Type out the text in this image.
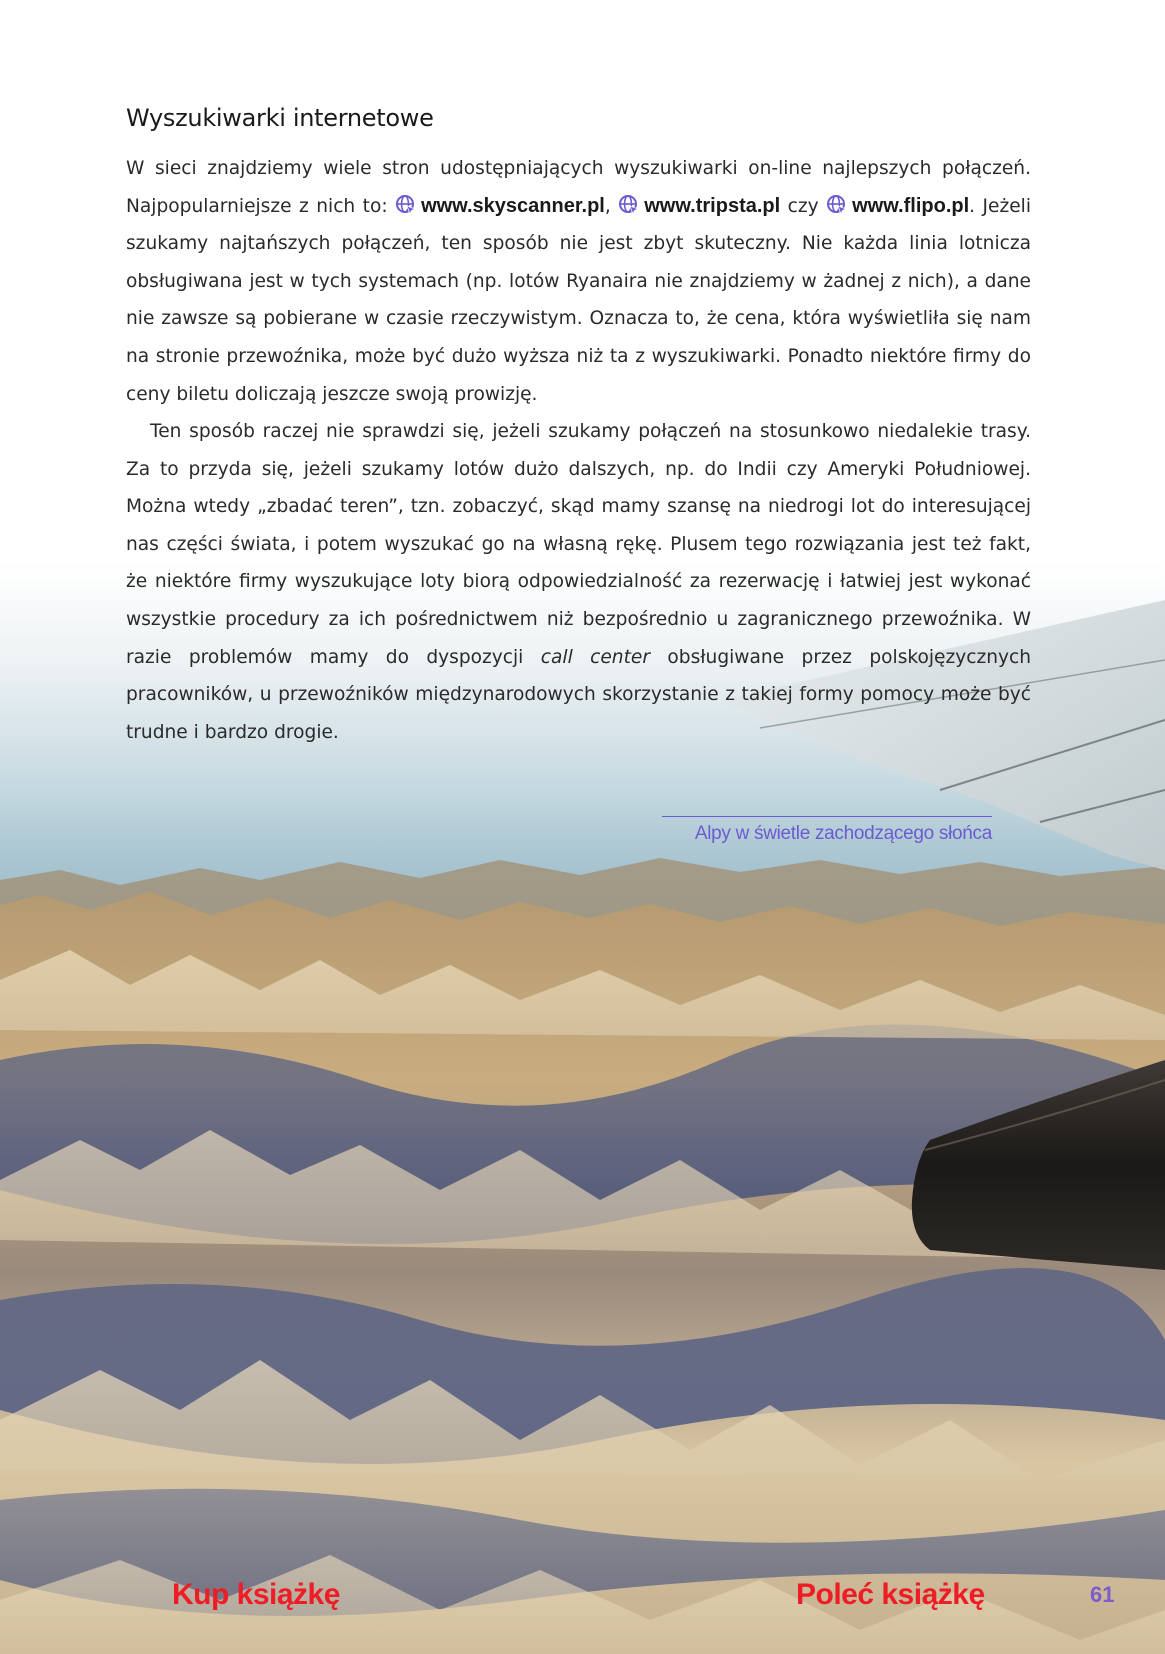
Wyszukiwarki internetowe

W sieci znajdziemy wiele stron udostępniających wyszukiwarki on-line najlepszych połączeń. Najpopularniejsze z nich to: www.skyscanner.pl , www.tripsta.pl czy www.flipo.pl . Jeżeli szukamy najtańszych połączeń, ten sposób nie jest zbyt skuteczny. Nie każda linia lotnicza obsługiwana jest w tych systemach (np. lotów Ryanaira nie znajdziemy w żadnej z nich), a dane nie zawsze są pobierane w czasie rzeczywistym. Oznacza to, że cena, która wyświetliła się nam na stronie przewoźnika, może być dużo wyższa niż ta z wyszukiwarki. Ponadto niektóre firmy do ceny biletu doliczają jeszcze swoją prowizję.

Ten sposób raczej nie sprawdzi się, jeżeli szukamy połączeń na stosunkowo niedalekie trasy. Za to przyda się, jeżeli szukamy lotów dużo dalszych, np. do Indii czy Ameryki Południowej. Można wtedy „zbadać teren”, tzn. zobaczyć, skąd mamy szansę na niedrogi lot do interesującej nas części świata, i potem wyszukać go na własną rękę. Plusem tego rozwiązania jest też fakt, że niektóre firmy wyszukujące loty biorą odpowiedzialność za rezerwację i łatwiej jest wykonać wszystkie procedury za ich pośrednictwem niż bezpośrednio u zagranicznego przewoźnika. W razie problemów mamy do dyspozycji call center obsługiwane przez polskojęzycznych pracowników, u przewoźników międzynarodowych skorzystanie z takiej formy pomocy może być trudne i bardzo drogie.

Alpy w świetle zachodzącego słońca

Kup książkę	Poleć książkę	61
